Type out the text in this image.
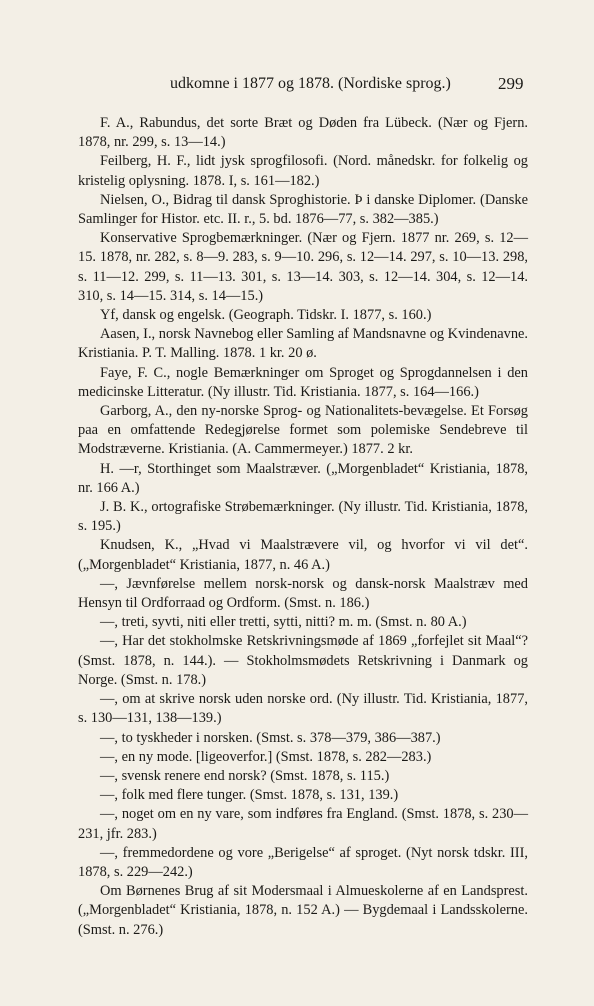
udkomne i 1877 og 1878. (Nordiske sprog.)	299

F. A., Rabundus, det sorte Bræt og Døden fra Lübeck. (Nær og Fjern. 1878, nr. 299, s. 13—14.)

Feilberg, H. F., lidt jysk sprogfilosofi. (Nord. månedskr. for folkelig og kristelig oplysning. 1878. I, s. 161—182.)

Nielsen, O., Bidrag til dansk Sproghistorie. Þ i danske Diplomer. (Danske Samlinger for Histor. etc. II. r., 5. bd. 1876—77, s. 382—385.)

Konservative Sprogbemærkninger. (Nær og Fjern. 1877 nr. 269, s. 12—15. 1878, nr. 282, s. 8—9. 283, s. 9—10. 296, s. 12—14. 297, s. 10—13. 298, s. 11—12. 299, s. 11—13. 301, s. 13—14. 303, s. 12—14. 304, s. 12—14. 310, s. 14—15. 314, s. 14—15.)

Yf, dansk og engelsk. (Geograph. Tidskr. I. 1877, s. 160.)

Aasen, I., norsk Navnebog eller Samling af Mandsnavne og Kvindenavne. Kristiania. P. T. Malling. 1878. 1 kr. 20 ø.

Faye, F. C., nogle Bemærkninger om Sproget og Sprogdannelsen i den medicinske Litteratur. (Ny illustr. Tid. Kristiania. 1877, s. 164—166.)

Garborg, A., den ny-norske Sprog- og Nationalitets-bevægelse. Et Forsøg paa en omfattende Redegjørelse formet som polemiske Sendebreve til Modstræverne. Kristiania. (A. Cammermeyer.) 1877. 2 kr.

H. —r, Storthinget som Maalstræver. („Morgenbladet“ Kristiania, 1878, nr. 166 A.)

J. B. K., ortografiske Strøbemærkninger. (Ny illustr. Tid. Kristiania, 1878, s. 195.)

Knudsen, K., „Hvad vi Maalstrævere vil, og hvorfor vi vil det“. („Morgenbladet“ Kristiania, 1877, n. 46 A.)

—, Jævnførelse mellem norsk-norsk og dansk-norsk Maalstræv med Hensyn til Ordforraad og Ordform. (Smst. n. 186.)

—, treti, syvti, niti eller tretti, sytti, nitti? m. m. (Smst. n. 80 A.)

—, Har det stokholmske Retskrivningsmøde af 1869 „forfejlet sit Maal“? (Smst. 1878, n. 144.). — Stokholmsmødets Retskrivning i Danmark og Norge. (Smst. n. 178.)

—, om at skrive norsk uden norske ord. (Ny illustr. Tid. Kristiania, 1877, s. 130—131, 138—139.)

—, to tyskheder i norsken. (Smst. s. 378—379, 386—387.)

—, en ny mode. [ligeoverfor.] (Smst. 1878, s. 282—283.)

—, svensk renere end norsk? (Smst. 1878, s. 115.)

—, folk med flere tunger. (Smst. 1878, s. 131, 139.)

—, noget om en ny vare, som indføres fra England. (Smst. 1878, s. 230—231, jfr. 283.)

—, fremmedordene og vore „Berigelse“ af sproget. (Nyt norsk tdskr. III, 1878, s. 229—242.)

Om Børnenes Brug af sit Modersmaal i Almueskolerne af en Landsprest. („Morgenbladet“ Kristiania, 1878, n. 152 A.) — Bygdemaal i Landsskolerne. (Smst. n. 276.)
